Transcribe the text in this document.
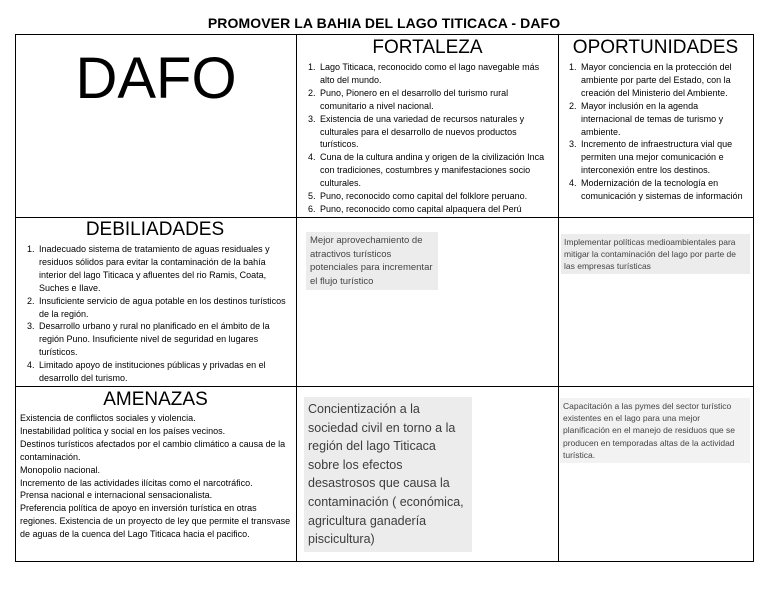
PROMOVER LA BAHIA DEL LAGO TITICACA - DAFO
DAFO	FORTALEZA
1. Lago Titicaca, reconocido como el lago navegable más alto del mundo.
2. Puno, Pionero en el desarrollo del turismo rural comunitario a nivel nacional.
3. Existencia de una variedad de recursos naturales y culturales para el desarrollo de nuevos productos turísticos.
4. Cuna de la cultura andina y origen de la civilización Inca con tradiciones, costumbres y manifestaciones socio culturales.
5. Puno, reconocido como capital del folklore peruano.
6. Puno, reconocido como capital alpaquera del Perú
OPORTUNIDADES
1. Mayor conciencia en la protección del ambiente por parte del Estado, con la creación del Ministerio del Ambiente.
2. Mayor inclusión en la agenda internacional de temas de turismo y ambiente.
3. Incremento de infraestructura vial que permiten una mejor comunicación e interconexión entre los destinos.
4. Modernización de la tecnología en comunicación y sistemas de información
DEBILIADADES
1. Inadecuado sistema de tratamiento de aguas residuales y residuos sólidos para evitar la contaminación de la bahía interior del lago Titicaca y afluentes del rio Ramis, Coata, Suches e Ilave.
2. Insuficiente servicio de agua potable en los destinos turísticos de la región.
3. Desarrollo urbano y rural no planificado en el ámbito de la región Puno. Insuficiente nivel de seguridad en lugares turísticos.
4. Limitado apoyo de instituciones públicas y privadas en el desarrollo del turismo.
Mejor aprovechamiento de atractivos turísticos potenciales para incrementar el flujo turístico
Implementar políticas medioambientales para mitigar la contaminación del lago por parte de las empresas turísticas
AMENAZAS
Existencia de conflictos sociales y violencia.
Inestabilidad política y social en los países vecinos.
Destinos turísticos afectados por el cambio climático a causa de la contaminación.
Monopolio nacional.
Incremento de las actividades ilícitas como el narcotráfico.
Prensa nacional e internacional sensacionalista.
Preferencia política de apoyo en inversión turística en otras regiones. Existencia de un proyecto de ley que permite el transvase de aguas de la cuenca del Lago Titicaca hacia el pacifico.
Concientización a la sociedad civil en torno a la región del lago Titicaca sobre los efectos desastrosos que causa la contaminación ( económica, agricultura ganadería piscicultura)
Capacitación a las pymes del sector turístico existentes en el lago para una mejor planificación en el manejo de residuos que se producen en temporadas altas de la actividad turística.
